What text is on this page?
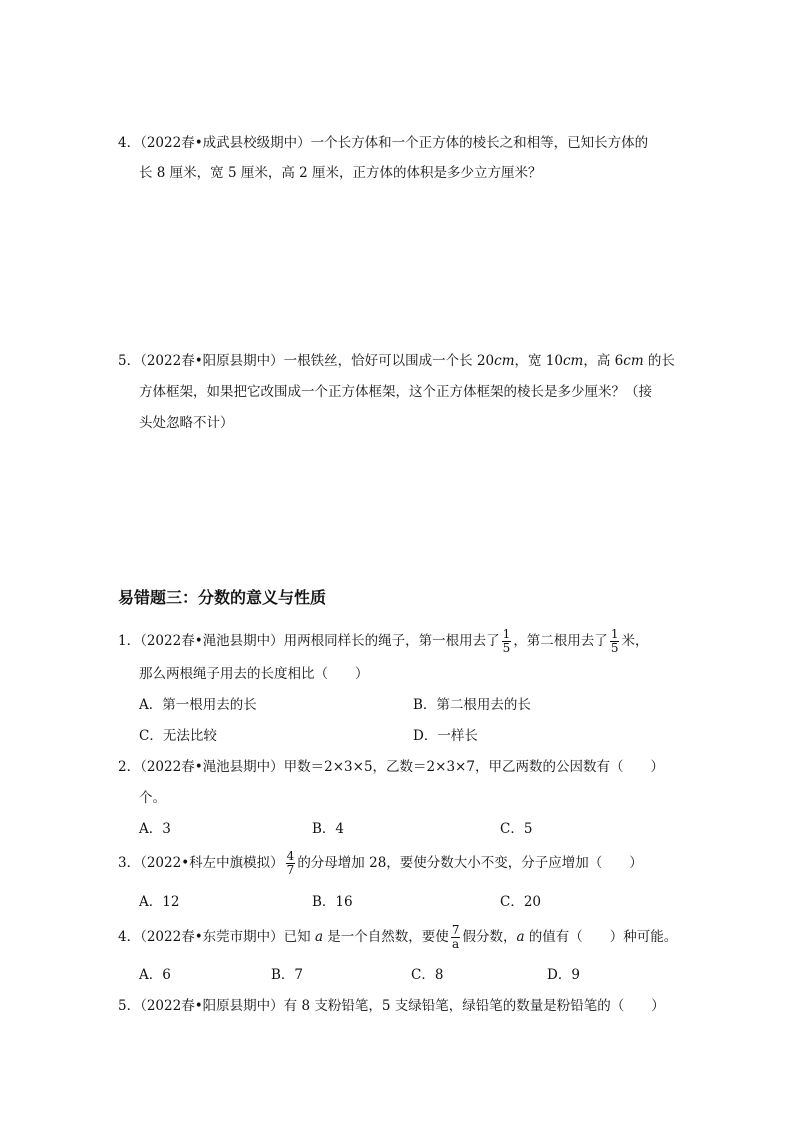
4．（2022春•成武县校级期中）一个长方体和一个正方体的棱长之和相等，已知长方体的
长 8 厘米，宽 5 厘米，高 2 厘米，正方体的体积是多少立方厘米？
5．（2022春•阳原县期中）一根铁丝，恰好可以围成一个长 20cm，宽 10cm，高 6cm 的长
方体框架，如果把它改围成一个正方体框架，这个正方体框架的棱长是多少厘米？（接
头处忽略不计）
易错题三：分数的意义与性质
1．（2022春•渑池县期中）用两根同样长的绳子，第一根用去了 $\frac{1}{5}$ ，第二根用去了 $\frac{1}{5}$ 米，
那么两根绳子用去的长度相比（　　）
A．第一根用去的长	B．第二根用去的长
C．无法比较	D．一样长
2．（2022春•渑池县期中）甲数＝2×3×5，乙数＝2×3×7，甲乙两数的公因数有（　　）
个。
A．3	B．4	C．5
3．（2022•科左中旗模拟） $\frac{4}{7}$ 的分母增加 28，要使分数大小不变，分子应增加（　　）
A．12	B．16	C．20
4．（2022春•东莞市期中）已知 a 是一个自然数，要使 $\frac{7}{a}$ 假分数，a 的值有（　　）种可能。
A．6	B．7	C．8	D．9
5．（2022春•阳原县期中）有 8 支粉铅笔，5 支绿铅笔，绿铅笔的数量是粉铅笔的（　　）
